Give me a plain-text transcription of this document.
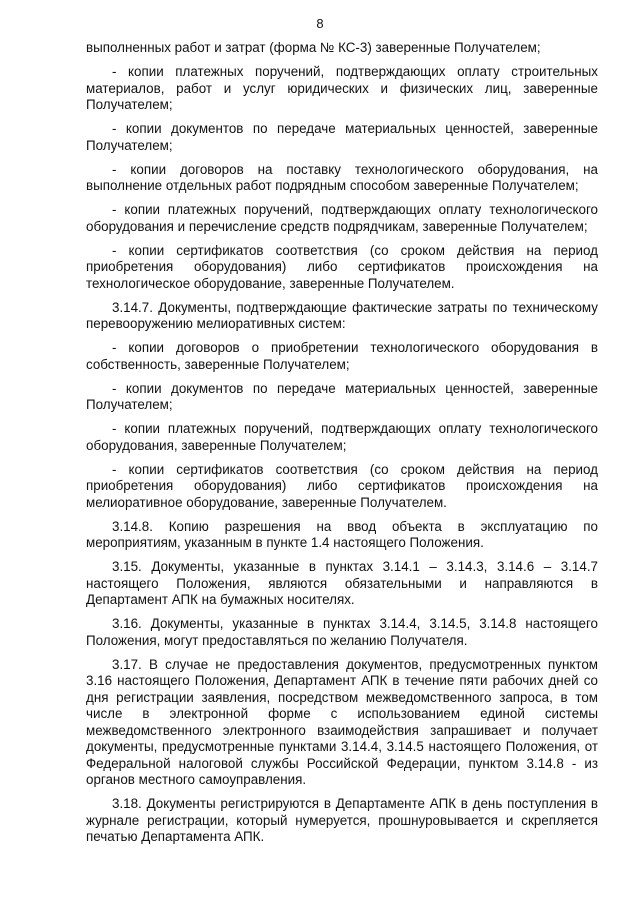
8

выполненных работ и затрат (форма № КС-3) заверенные Получателем;

- копии платежных поручений, подтверждающих оплату строительных материалов, работ и услуг юридических и физических лиц, заверенные Получателем;

- копии документов по передаче материальных ценностей, заверенные Получателем;

- копии договоров на поставку технологического оборудования, на выполнение отдельных работ подрядным способом заверенные Получателем;

- копии платежных поручений, подтверждающих оплату технологического оборудования и перечисление средств подрядчикам, заверенные Получателем;

- копии сертификатов соответствия (со сроком действия на период приобретения оборудования) либо сертификатов происхождения на технологическое оборудование, заверенные Получателем.

3.14.7. Документы, подтверждающие фактические затраты по техническому перевооружению мелиоративных систем:

- копии договоров о приобретении технологического оборудования в собственность, заверенные Получателем;

- копии документов по передаче материальных ценностей, заверенные Получателем;

- копии платежных поручений, подтверждающих оплату технологического оборудования, заверенные Получателем;

- копии сертификатов соответствия (со сроком действия на период приобретения оборудования) либо сертификатов происхождения на мелиоративное оборудование, заверенные Получателем.

3.14.8. Копию разрешения на ввод объекта в эксплуатацию по мероприятиям, указанным в пункте 1.4 настоящего Положения.

3.15. Документы, указанные в пунктах 3.14.1 – 3.14.3, 3.14.6 – 3.14.7 настоящего Положения, являются обязательными и направляются в Департамент АПК на бумажных носителях.

3.16. Документы, указанные в пунктах 3.14.4, 3.14.5, 3.14.8 настоящего Положения, могут предоставляться по желанию Получателя.

3.17. В случае не предоставления документов, предусмотренных пунктом 3.16 настоящего Положения, Департамент АПК в течение пяти рабочих дней со дня регистрации заявления, посредством межведомственного запроса, в том числе в электронной форме с использованием единой системы межведомственного электронного взаимодействия запрашивает и получает документы, предусмотренные пунктами 3.14.4, 3.14.5 настоящего Положения, от Федеральной налоговой службы Российской Федерации, пунктом 3.14.8 - из органов местного самоуправления.

3.18. Документы регистрируются в Департаменте АПК в день поступления в журнале регистрации, который нумеруется, прошнуровывается и скрепляется печатью Департамента АПК.
